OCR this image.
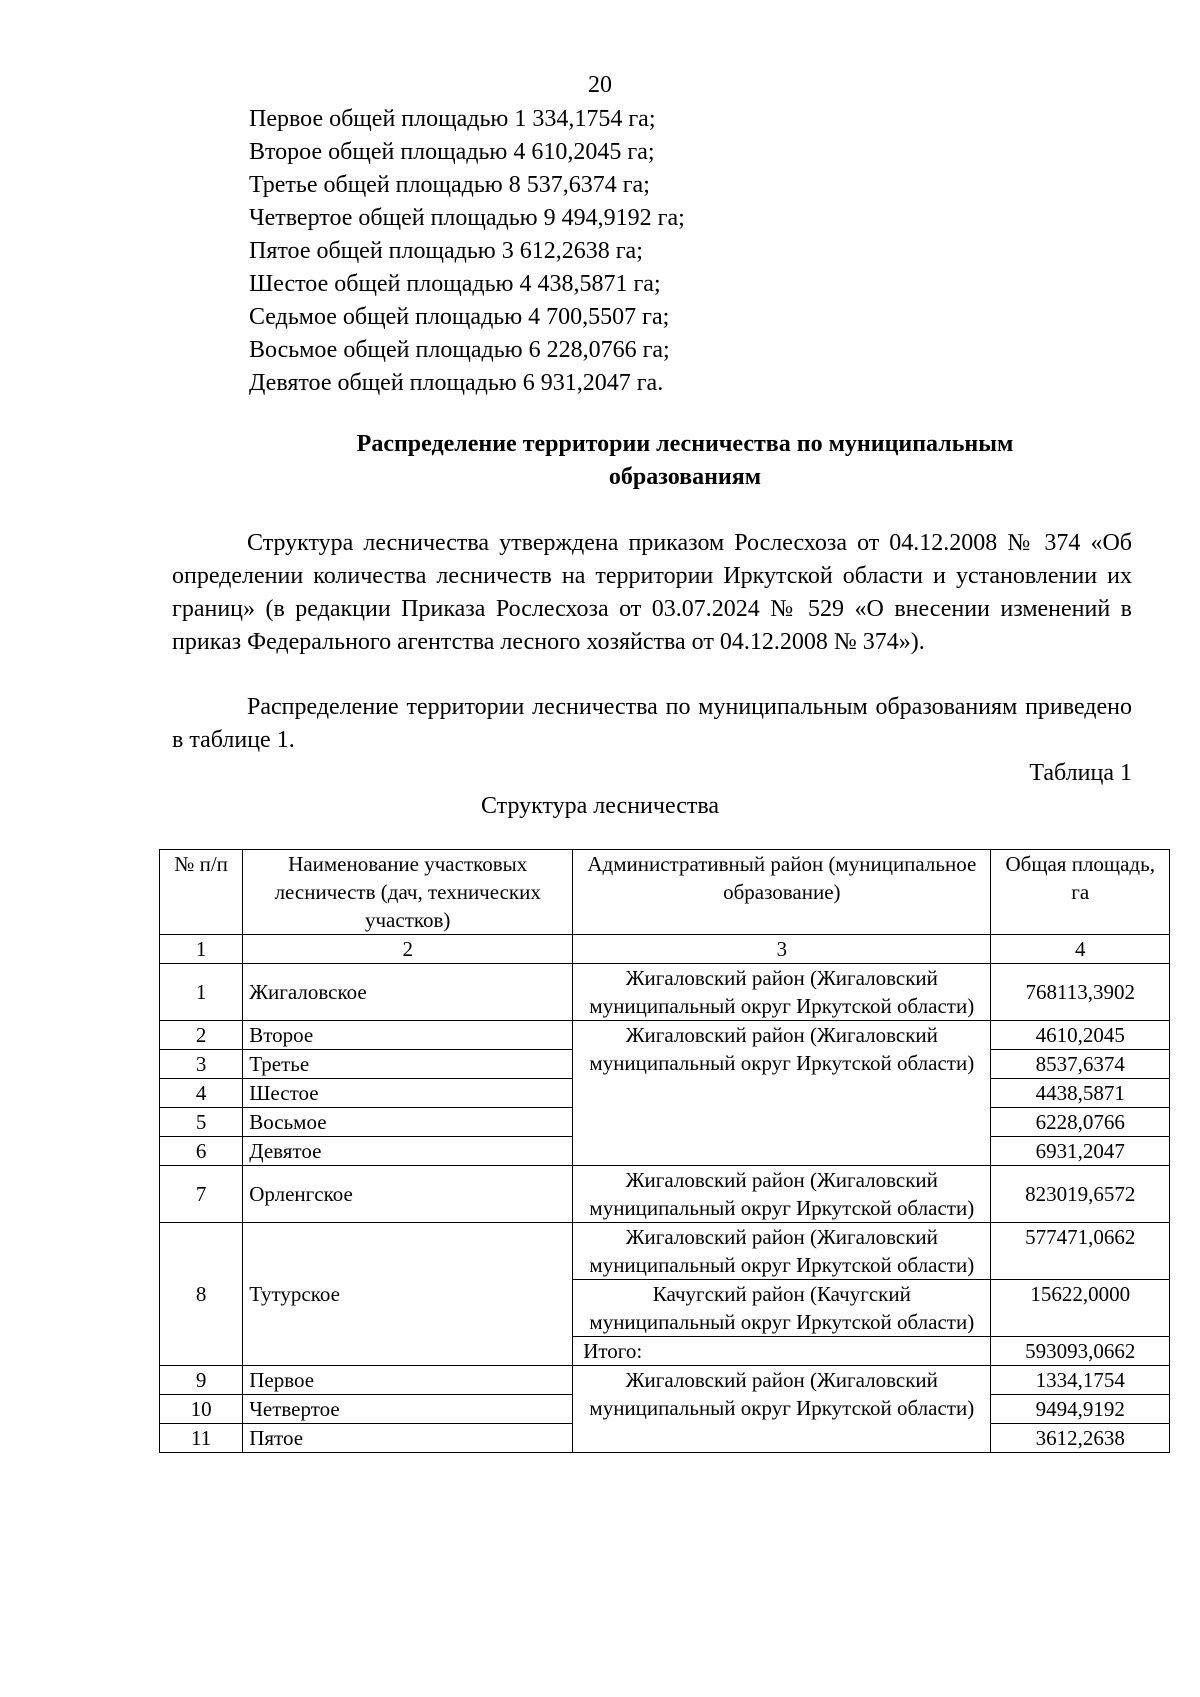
20
Первое общей площадью 1 334,1754 га;
Второе общей площадью 4 610,2045 га;
Третье общей площадью 8 537,6374 га;
Четвертое общей площадью 9 494,9192 га;
Пятое общей площадью 3 612,2638 га;
Шестое общей площадью 4 438,5871 га;
Седьмое общей площадью 4 700,5507 га;
Восьмое общей площадью 6 228,0766 га;
Девятое общей площадью 6 931,2047 га.
Распределение территории лесничества по муниципальным
образованиям

Структура лесничества утверждена приказом Рослесхоза от 04.12.2008 № 374 «Об определении количества лесничеств на территории Иркутской области и установлении их границ» (в редакции Приказа Рослесхоза от 03.07.2024 № 529 «О внесении изменений в приказ Федерального агентства лесного хозяйства от 04.12.2008 № 374»).

Распределение территории лесничества по муниципальным образованиям приведено в таблице 1.

Таблица 1

Структура лесничества

№ п/п	Наименование участковых лесничеств (дач, технических участков)	Административный район (муниципальное образование)	Общая площадь, га
1	2	3	4
1	Жигаловское	Жигаловский район (Жигаловский муниципальный округ Иркутской области)	768113,3902
2	Второе	Жигаловский район (Жигаловский муниципальный округ Иркутской области)	4610,2045
3	Третье		8537,6374
4	Шестое		4438,5871
5	Восьмое		6228,0766
6	Девятое		6931,2047
7	Орленгское	Жигаловский район (Жигаловский муниципальный округ Иркутской области)	823019,6572
8	Тутурское	Жигаловский район (Жигаловский муниципальный округ Иркутской области)	577471,0662
		Качугский район (Качугский муниципальный округ Иркутской области)	15622,0000
		Итого:	593093,0662
9	Первое	Жигаловский район (Жигаловский муниципальный округ Иркутской области)	1334,1754
10	Четвертое		9494,9192
11	Пятое		3612,2638
